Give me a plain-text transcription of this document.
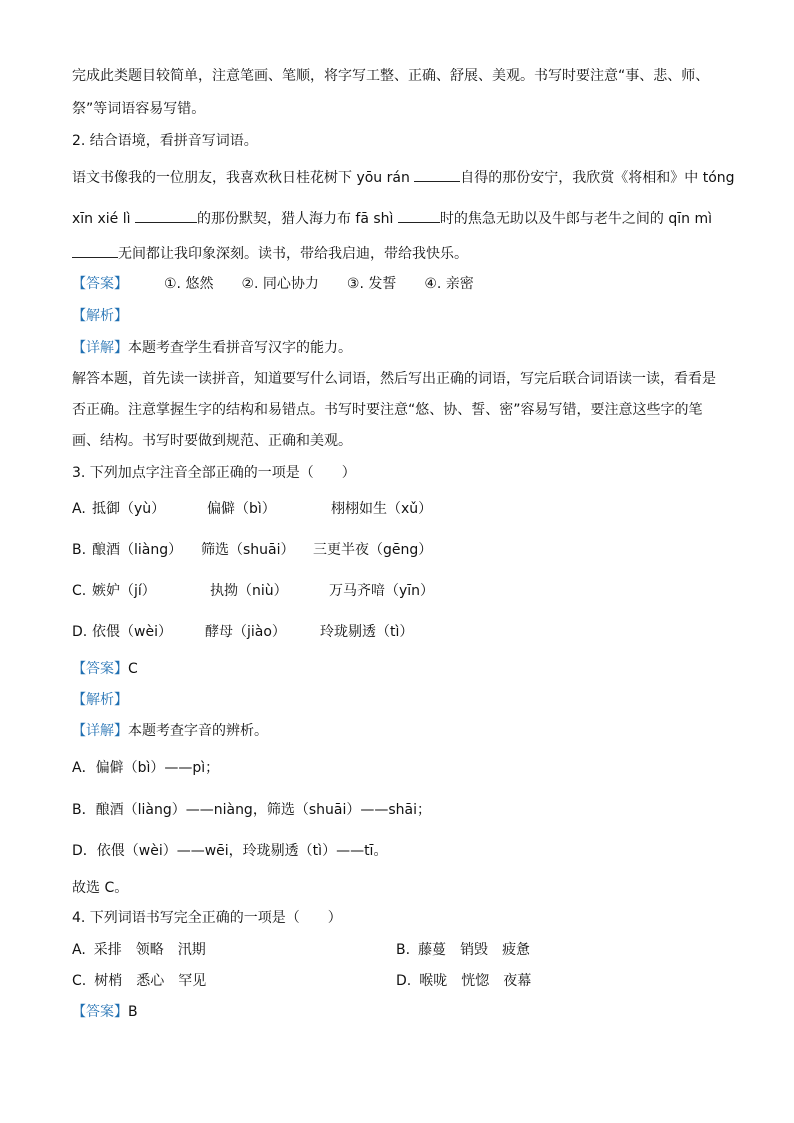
完成此类题目较简单，注意笔画、笔顺，将字写工整、正确、舒展、美观。书写时要注意“事、悲、师、
祭”等词语容易写错。
2. 结合语境，看拼音写词语。
语文书像我的一位朋友，我喜欢秋日桂花树下 yōu rán	自得的那份安宁，我欣赏《将相和》中 tóng
xīn xié lì	的那份默契，猎人海力布 fā shì	时的焦急无助以及牛郎与老牛之间的 qīn mì
无间都让我印象深刻。读书，带给我启迪，带给我快乐。
【答案】	①. 悠然 ②. 同心协力 ③. 发誓 ④. 亲密
【解析】
【详解】本题考查学生看拼音写汉字的能力。
解答本题，首先读一读拼音，知道要写什么词语，然后写出正确的词语，写完后联合词语读一读，看看是
否正确。注意掌握生字的结构和易错点。书写时要注意“悠、协、誓、密”容易写错，要注意这些字的笔
画、结构。书写时要做到规范、正确和美观。
3. 下列加点字注音全部正确的一项是（　　）
A. 抵御（yù）	偏僻（bì）	栩栩如生（xǔ）
B. 酿酒（liàng） 筛选（shuāi） 三更半夜（gēng）
C. 嫉妒（jí）	执拗（niù）	万马齐喑（yīn）
D. 依偎（wèi） 酵母（jiào） 玲珑剔透（tì）
【答案】C
【解析】
【详解】本题考查字音的辨析。
A．偏僻（bì）——pì；
B．酿酒（liàng）——niàng，筛选（shuāi）——shāi；
D．依偎（wèi）——wēi，玲珑剔透（tì）——tī。
故选 C。
4. 下列词语书写完全正确的一项是（　　）
A. 采排 领略 汛期	B. 藤蔓 销毁 疲惫
C. 树梢 悉心 罕见	D. 喉咙 恍惚 夜幕
【答案】B
